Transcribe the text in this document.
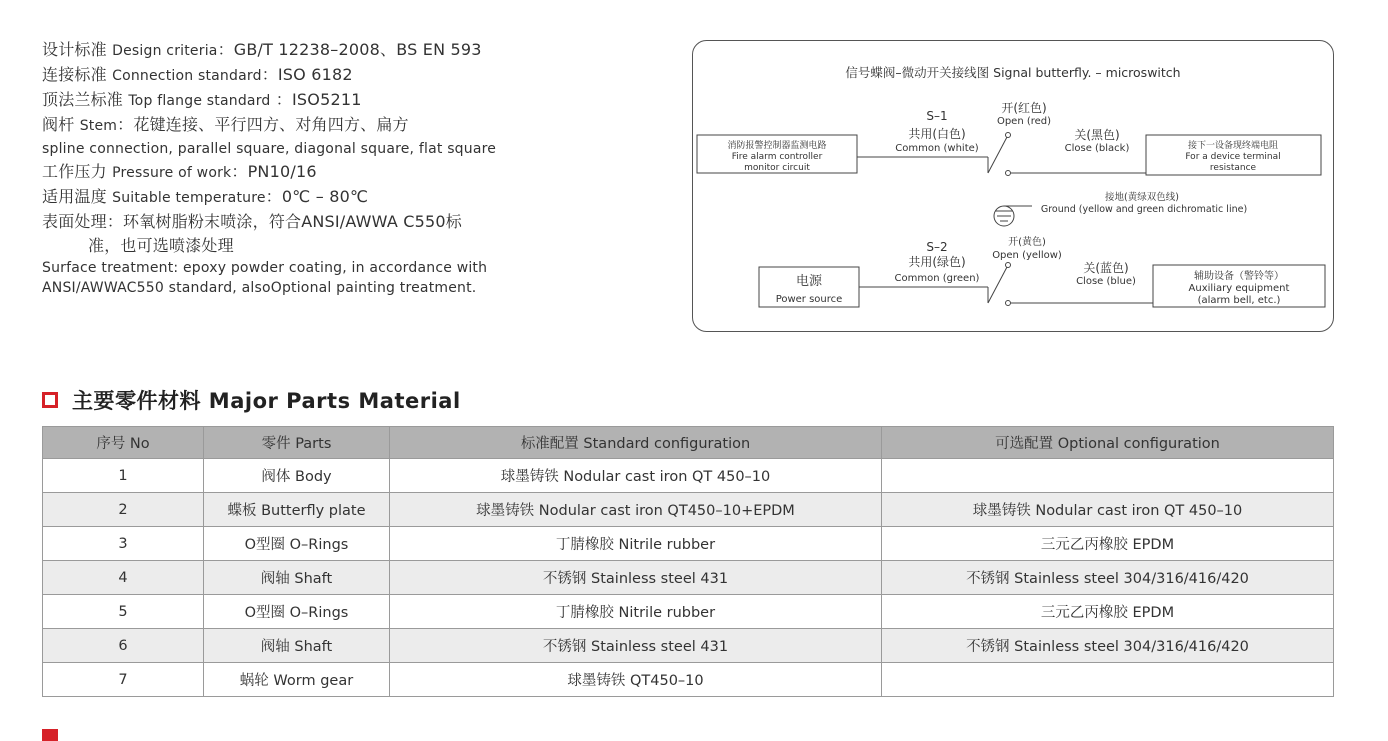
设计标准 Design criteria：GB/T 12238–2008、BS EN 593
连接标准 Connection standard：ISO 6182
顶法兰标准 Top flange standard ：ISO5211
阀杆 Stem：花键连接、平行四方、对角四方、扁方
spline connection, parallel square, diagonal square, flat square
工作压力 Pressure of work：PN10/16
适用温度 Suitable temperature：0℃ – 80℃
表面处理：环氧树脂粉末喷涂，符合ANSI/AWWA C550标
准，也可选喷漆处理
Surface treatment: epoxy powder coating, in accordance with
ANSI/AWWAC550 standard, alsoOptional painting treatment.
信号蝶阀–微动开关接线图 Signal butterfly. – microswitch
消防报警控制器监测电路
Fire alarm controller
monitor circuit
接下一设备现终端电阻
For a device terminal
resistance
S–1
共用(白色)
Common (white)
开(红色)
Open (red)
关(黑色)
Close (black)
接地(黄绿双色线)
Ground (yellow and green dichromatic line)
电源
Power source
辅助设备（警铃等）
Auxiliary equipment
(alarm bell, etc.)
S–2
共用(绿色)
Common (green)
开(黄色)
Open (yellow)
关(蓝色)
Close (blue)
主要零件材料 Major Parts Material
序号 No	零件 Parts	标准配置 Standard configuration	可选配置 Optional configuration
1	阀体 Body	球墨铸铁 Nodular cast iron QT 450–10	
2	蝶板 Butterfly plate	球墨铸铁 Nodular cast iron QT450–10+EPDM	球墨铸铁 Nodular cast iron QT 450–10
3	O型圈 O–Rings	丁腈橡胶 Nitrile rubber	三元乙丙橡胶 EPDM
4	阀轴 Shaft	不锈钢 Stainless steel 431	不锈钢 Stainless steel 304/316/416/420
5	O型圈 O–Rings	丁腈橡胶 Nitrile rubber	三元乙丙橡胶 EPDM
6	阀轴 Shaft	不锈钢 Stainless steel 431	不锈钢 Stainless steel 304/316/416/420
7	蜗轮 Worm gear	球墨铸铁 QT450–10	
